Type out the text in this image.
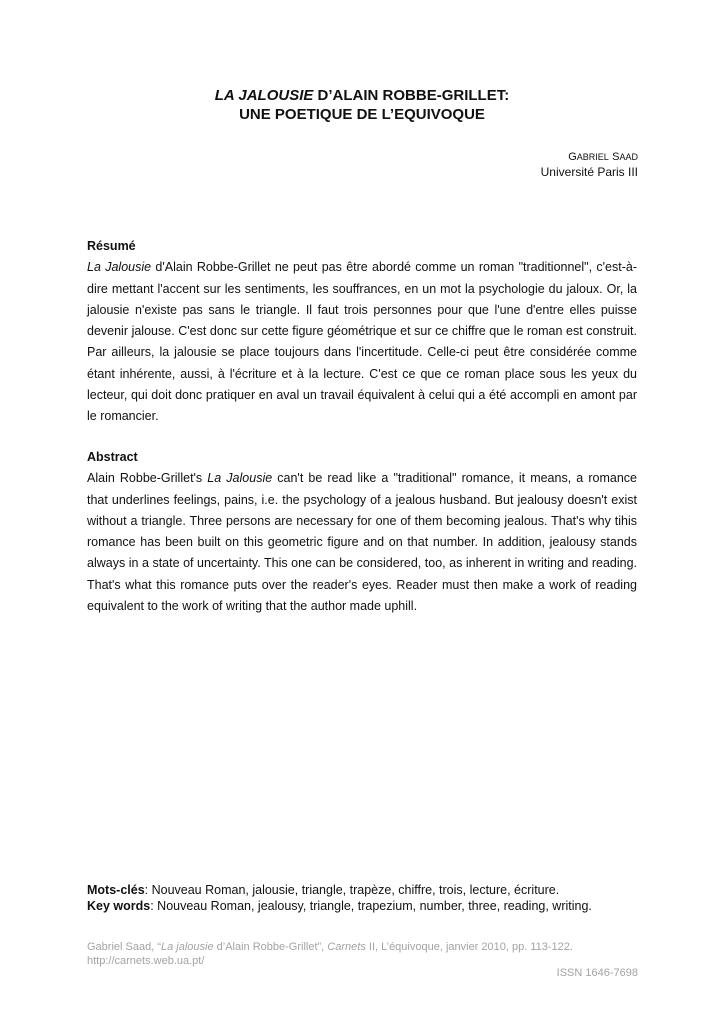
LA JALOUSIE D’ALAIN ROBBE-GRILLET:
UNE POETIQUE DE L’EQUIVOQUE
GABRIEL SAAD
Université Paris III

Résumé

La Jalousie d'Alain Robbe-Grillet ne peut pas être abordé comme un roman "traditionnel", c'est-à-dire mettant l'accent sur les sentiments, les souffrances, en un mot la psychologie du jaloux. Or, la jalousie n'existe pas sans le triangle. Il faut trois personnes pour que l'une d'entre elles puisse devenir jalouse. C'est donc sur cette figure géométrique et sur ce chiffre que le roman est construit. Par ailleurs, la jalousie se place toujours dans l'incertitude. Celle-ci peut être considérée comme étant inhérente, aussi, à l'écriture et à la lecture. C'est ce que ce roman place sous les yeux du lecteur, qui doit donc pratiquer en aval un travail équivalent à celui qui a été accompli en amont par le romancier.

Abstract

Alain Robbe-Grillet's La Jalousie can't be read like a "traditional" romance, it means, a romance that underlines feelings, pains, i.e. the psychology of a jealous husband. But jealousy doesn't exist without a triangle. Three persons are necessary for one of them becoming jealous. That's why tihis romance has been built on this geometric figure and on that number. In addition, jealousy stands always in a state of uncertainty. This one can be considered, too, as inherent in writing and reading. That's what this romance puts over the reader's eyes. Reader must then make a work of reading equivalent to the work of writing that the author made uphill.

Mots-clés: Nouveau Roman, jalousie, triangle, trapèze, chiffre, trois, lecture, écriture.
Key words: Nouveau Roman, jealousy, triangle, trapezium, number, three, reading, writing.
Gabriel Saad, “La jalousie d’Alain Robbe-Grillet”, Carnets II, L’équivoque, janvier 2010, pp. 113-122.
http://carnets.web.ua.pt/
ISSN 1646-7698
